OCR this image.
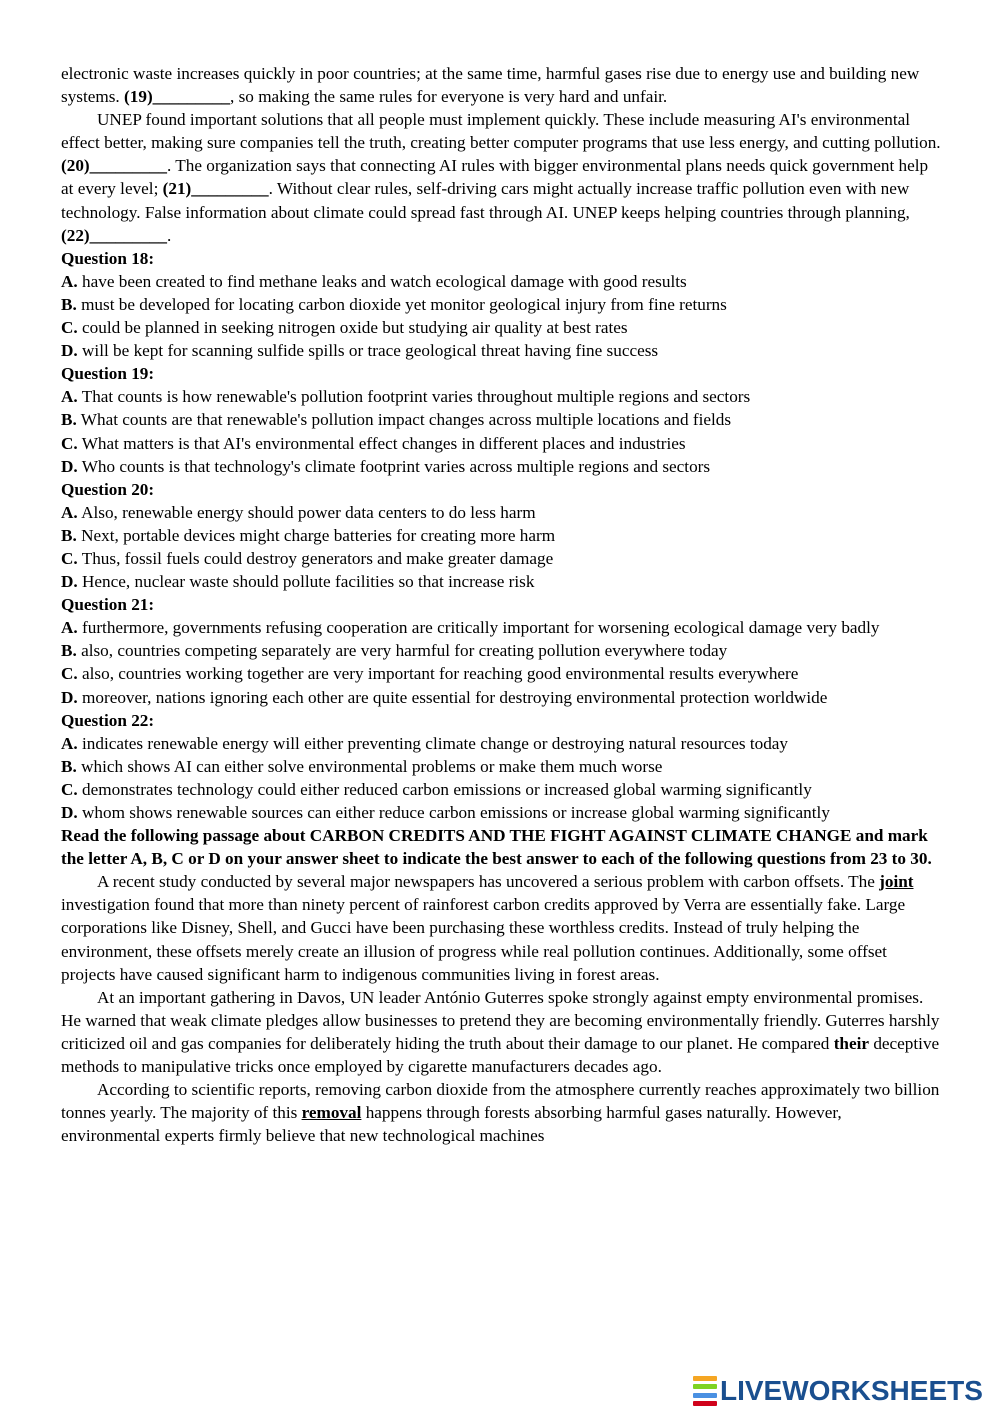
electronic waste increases quickly in poor countries; at the same time, harmful gases rise due to energy use and building new systems. (19)_________, so making the same rules for everyone is very hard and unfair.

UNEP found important solutions that all people must implement quickly. These include measuring AI's environmental effect better, making sure companies tell the truth, creating better computer programs that use less energy, and cutting pollution. (20)_________. The organization says that connecting AI rules with bigger environmental plans needs quick government help at every level; (21)_________. Without clear rules, self-driving cars might actually increase traffic pollution even with new technology. False information about climate could spread fast through AI. UNEP keeps helping countries through planning,
(22)_________.

Question 18:

A. have been created to find methane leaks and watch ecological damage with good results

B. must be developed for locating carbon dioxide yet monitor geological injury from fine returns

C. could be planned in seeking nitrogen oxide but studying air quality at best rates

D. will be kept for scanning sulfide spills or trace geological threat having fine success

Question 19:

A. That counts is how renewable's pollution footprint varies throughout multiple regions and sectors

B. What counts are that renewable's pollution impact changes across multiple locations and fields

C. What matters is that AI's environmental effect changes in different places and industries

D. Who counts is that technology's climate footprint varies across multiple regions and sectors

Question 20:

A. Also, renewable energy should power data centers to do less harm

B. Next, portable devices might charge batteries for creating more harm

C. Thus, fossil fuels could destroy generators and make greater damage

D. Hence, nuclear waste should pollute facilities so that increase risk

Question 21:

A. furthermore, governments refusing cooperation are critically important for worsening ecological damage very badly

B. also, countries competing separately are very harmful for creating pollution everywhere today

C. also, countries working together are very important for reaching good environmental results everywhere

D. moreover, nations ignoring each other are quite essential for destroying environmental protection worldwide

Question 22:

A. indicates renewable energy will either preventing climate change or destroying natural resources today

B. which shows AI can either solve environmental problems or make them much worse

C. demonstrates technology could either reduced carbon emissions or increased global warming significantly

D. whom shows renewable sources can either reduce carbon emissions or increase global warming significantly

Read the following passage about CARBON CREDITS AND THE FIGHT AGAINST CLIMATE CHANGE and mark the letter A, B, C or D on your answer sheet to indicate the best answer to each of the following questions from 23 to 30.

A recent study conducted by several major newspapers has uncovered a serious problem with carbon offsets. The joint investigation found that more than ninety percent of rainforest carbon credits approved by Verra are essentially fake. Large corporations like Disney, Shell, and Gucci have been purchasing these worthless credits. Instead of truly helping the environment, these offsets merely create an illusion of progress while real pollution continues. Additionally, some offset projects have caused significant harm to indigenous communities living in forest areas.

At an important gathering in Davos, UN leader António Guterres spoke strongly against empty environmental promises. He warned that weak climate pledges allow businesses to pretend they are becoming environmentally friendly. Guterres harshly criticized oil and gas companies for deliberately hiding the truth about their damage to our planet. He compared their deceptive methods to manipulative tricks once employed by cigarette manufacturers decades ago.

According to scientific reports, removing carbon dioxide from the atmosphere currently reaches approximately two billion tonnes yearly. The majority of this removal happens through forests absorbing harmful gases naturally. However, environmental experts firmly believe that new technological machines

LIVEWORKSHEETS
